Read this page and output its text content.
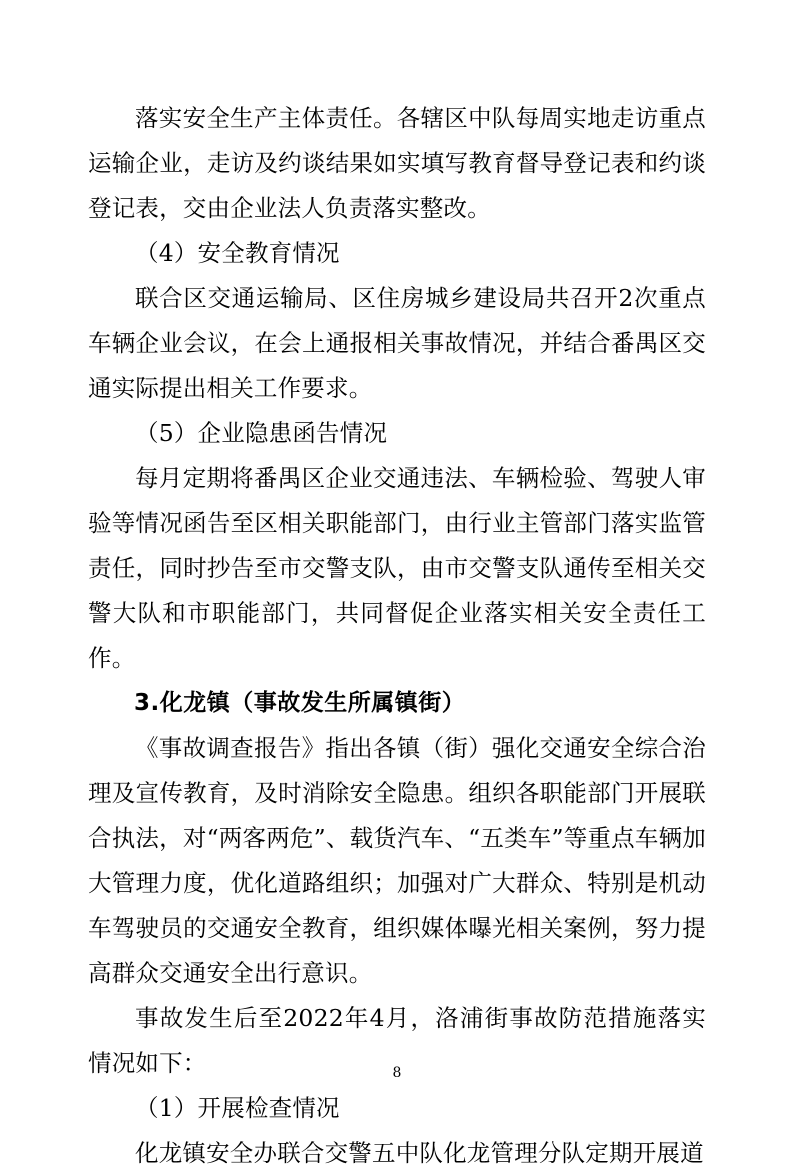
落实安全生产主体责任。各辖区中队每周实地走访重点运输企业，走访及约谈结果如实填写教育督导登记表和约谈登记表，交由企业法人负责落实整改。

（4）安全教育情况

联合区交通运输局、区住房城乡建设局共召开2次重点车辆企业会议，在会上通报相关事故情况，并结合番禺区交通实际提出相关工作要求。

（5）企业隐患函告情况

每月定期将番禺区企业交通违法、车辆检验、驾驶人审验等情况函告至区相关职能部门，由行业主管部门落实监管责任，同时抄告至市交警支队，由市交警支队通传至相关交警大队和市职能部门，共同督促企业落实相关安全责任工作。

3.化龙镇（事故发生所属镇街）

《事故调查报告》指出各镇（街）强化交通安全综合治理及宣传教育，及时消除安全隐患。组织各职能部门开展联合执法，对“两客两危”、载货汽车、“五类车”等重点车辆加大管理力度，优化道路组织；加强对广大群众、特别是机动车驾驶员的交通安全教育，组织媒体曝光相关案例，努力提高群众交通安全出行意识。

事故发生后至2022年4月，洛浦街事故防范措施落实情况如下：

（1）开展检查情况

化龙镇安全办联合交警五中队化龙管理分队定期开展道

8
